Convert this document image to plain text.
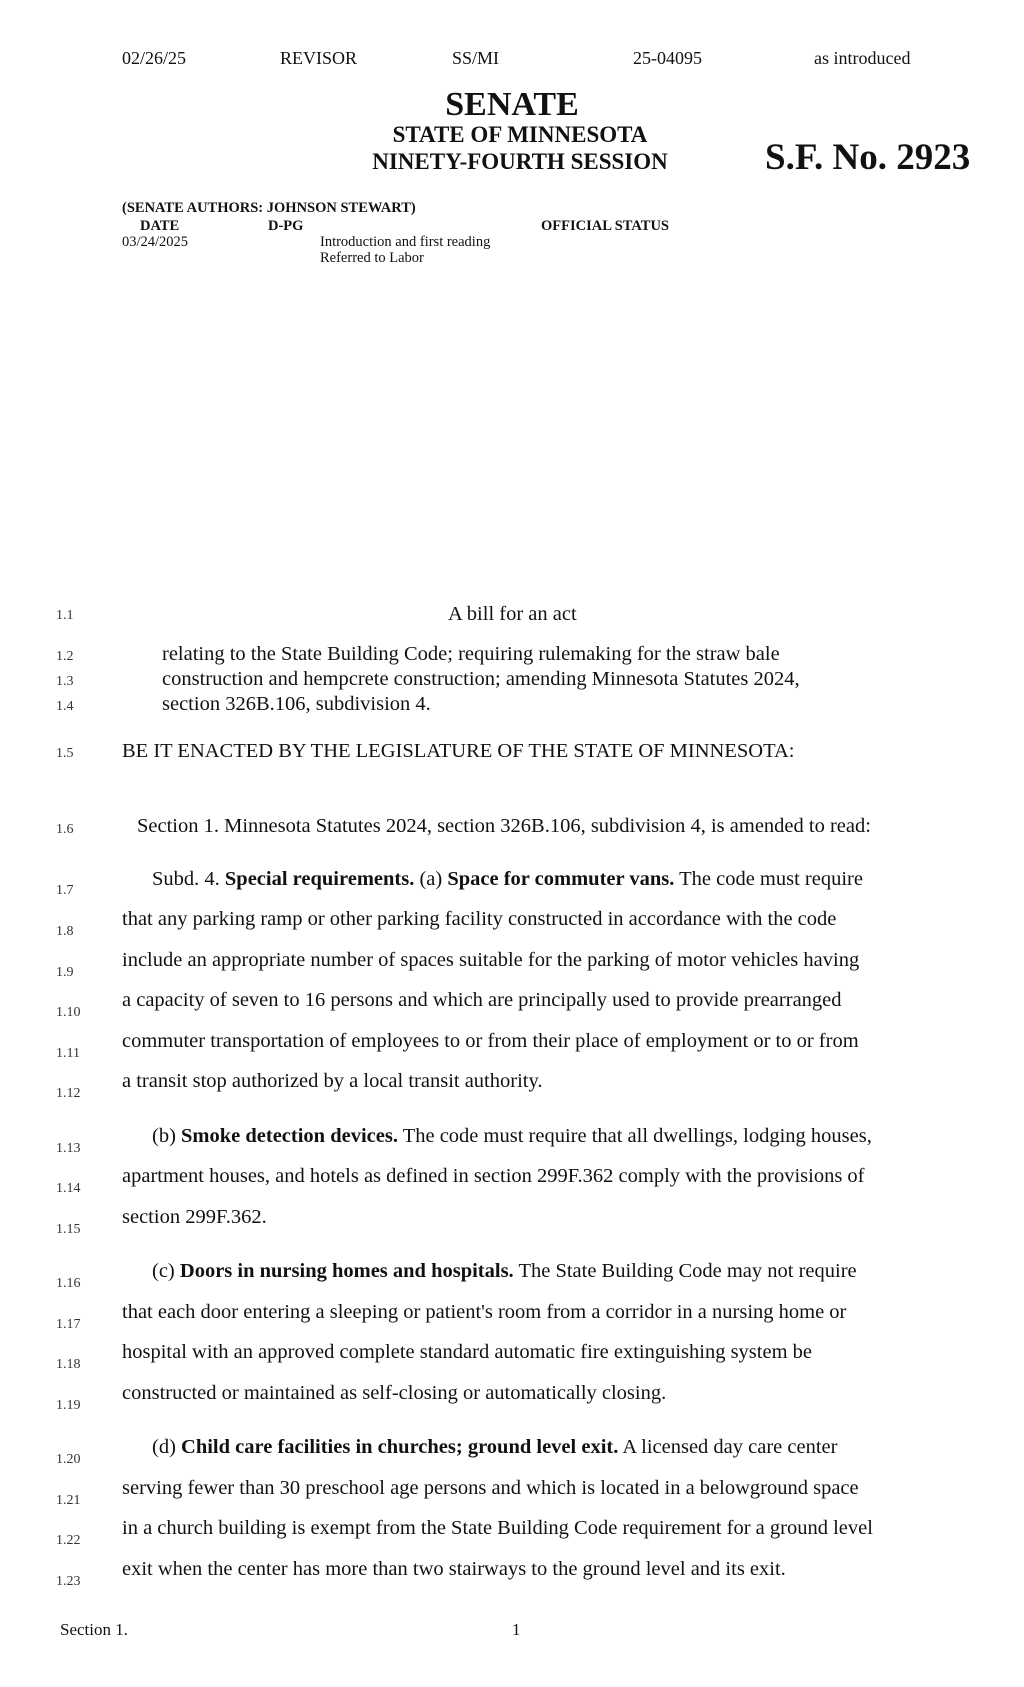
02/26/25	REVISOR	SS/MI	25-04095	as introduced
SENATE
STATE OF MINNESOTA
NINETY-FOURTH SESSION	S.F. No. 2923
(SENATE AUTHORS: JOHNSON STEWART)
DATE	D-PG	OFFICIAL STATUS
03/24/2025	Introduction and first reading
Referred to Labor
1.1	A bill for an act
1.2	relating to the State Building Code; requiring rulemaking for the straw bale
1.3	construction and hempcrete construction; amending Minnesota Statutes 2024,
1.4	section 326B.106, subdivision 4.
1.5 BE IT ENACTED BY THE LEGISLATURE OF THE STATE OF MINNESOTA:
1.6	Section 1. Minnesota Statutes 2024, section 326B.106, subdivision 4, is amended to read:
1.7
Subd. 4. Special requirements. (a) Space for commuter vans. The code must require
1.8
that any parking ramp or other parking facility constructed in accordance with the code
1.9
include an appropriate number of spaces suitable for the parking of motor vehicles having
1.10
a capacity of seven to 16 persons and which are principally used to provide prearranged
1.11
commuter transportation of employees to or from their place of employment or to or from
1.12
a transit stop authorized by a local transit authority.
1.13
(b) Smoke detection devices. The code must require that all dwellings, lodging houses,
1.14
apartment houses, and hotels as defined in section 299F.362 comply with the provisions of
1.15
section 299F.362.
1.16
(c) Doors in nursing homes and hospitals. The State Building Code may not require
1.17
that each door entering a sleeping or patient's room from a corridor in a nursing home or
1.18
hospital with an approved complete standard automatic fire extinguishing system be
1.19
constructed or maintained as self-closing or automatically closing.
1.20
(d) Child care facilities in churches; ground level exit. A licensed day care center
1.21
serving fewer than 30 preschool age persons and which is located in a belowground space
1.22
in a church building is exempt from the State Building Code requirement for a ground level
1.23
exit when the center has more than two stairways to the ground level and its exit.
Section 1.	1
